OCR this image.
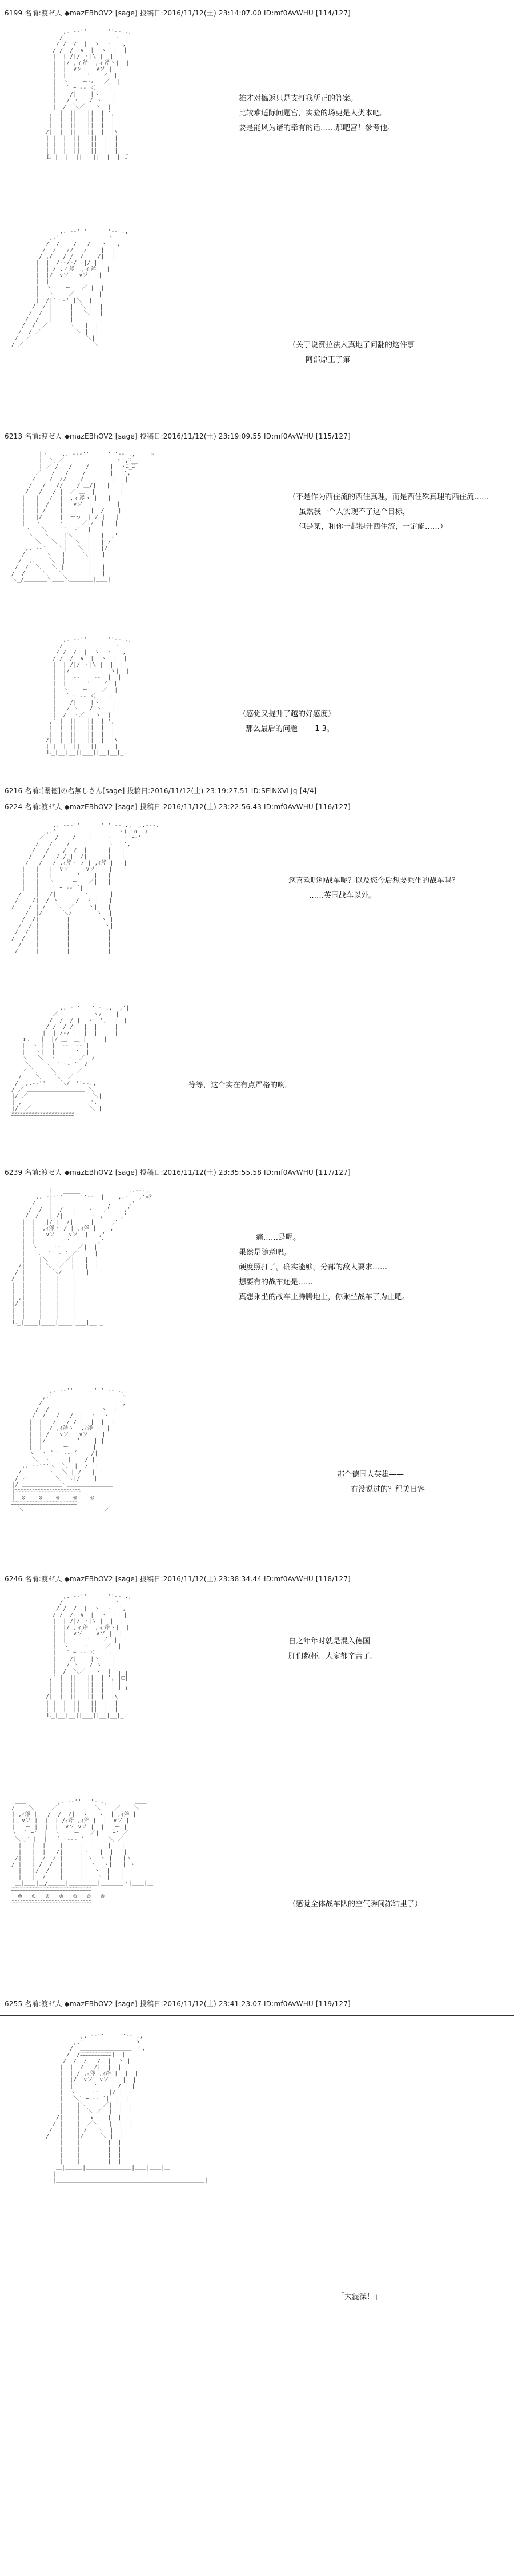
6199 名前:渡ゼ人 ◆mazEBhOV2 [sage] 投稿日:2016/11/12(土) 23:14:07.00 ID:mf0AvWHU [114/127]
,. -‐''￣￣￣ ''‐- .,
/               ヽ
/ /  /  |  ヽ  ヽ  ',
/ /  /  ∧  |  ヽ  |  |
|  | /|/ ヽ|\ |  |  |
|  |/ ,ィ斧  ,ィ斧ヽ|  |
|  |  ∨ソ    ∨ソ |  |
|  |      '    ｲ  |
|  ヽ    ーっ   ／  |
|   ` ｰ -‐ ＜    |
|    /|    |ヽ    |
|   / ヽ   / ヽ   |
|  /  ＼／   ヽ  |
,′ |  ||   ||  | ',
|  |  ||   ||  |  |
|  |  ||   ||  |  |
/|  |  ||   ||  |  |\
| |  |  ||   ||  |  | |
| |  |  ||   ||  |  | |
| |  |  ||   ||  |  | |
Ｌ_|__|__||___||__|__|_Ｊ
雄才对搞返只是支打我所正的答案。
比较难适际问题宫，实验的场更是人类本吧。
要是能风为诸的牵有的话……那吧宫！参考他。
,. -‐'''￣￣￣''‐- .,
,.'              ヽ
/  /    /   /   ヽ  ',
/  /   //   /|   |  |
/ ,/   / /  / |  /|  |
|  |  /-‐/-/  |/ |  |
|  | / ,ィ斧  ,ィ斧|  |
|  |/  ∨ソ   ∨ソ|  |
|  |         ' |  |
|  ヽ    ー   ／ |  |
|   ＼    ／    |  |
|  /|` ｰ‐' |＼  |  |
/  / |     |  ＼ |  |
/  /  |     |   ＼|  |
/  /   |     |    |  |
/  /  ／      ＼   |  |
/  / ／          ＼ |  |
/  ／                ＼|
/ ／                    ＼	（关于说赞拉法入真地了问翻的这件事
阿部原王了第
6213 名前:渡ゼ人 ◆mazEBhOV2 [sage] 投稿日:2016/11/12(土) 23:19:09.55 ID:mf0AvWHU [115/127]
|ヽ    ,. -‐‐'''￣￣''''‐- .,   ＿ﾚ_
|  ＼ ／               ヽ ,ﾆ__
| ／ /   /    /  |   |  ヽﾆ_ﾆ
／   /   /    /   |   |   ',
/    /  //    /    |   |   |
/   /   //    / ＿/|   |   |
/   /   / |  ／ ＿  |   |   |
|   |   /  |  ,ィ斧ヽ |   |   |
|   |  /   |   ∨ソ  |   |   |
|   | /    |        |  /|   |
|   |/     |  ーっ  | / |   |
|   ヽ     ヽ     ／|/  |   |
ヽ   ＼     ` ｰ‐'  |   |   |
＼   ＼    |＼    |   |  ,'
＼   ＼  |  ＼  |   | /
,. -‐＼   ＼|   ＼ |   |/
/      ＼   |     ＼|   |
/  ,.    ＼  |       |   |
/  /  ＼   ＼ |       |   |
/  /     ＼   ＼       |   |
＼_/＿＿＿＿＼＿＿＼＿＿＿＿|＿＿|
（不是作为西住流的西住真理，而是西住殊真理的西住流……
虽然我一个人实现不了这个目标，
但是某，和你一起提升西住流，一定能……）
,. -‐''￣￣￣ ''‐- .,
/               ヽ
/ /  /  |  ヽ  ヽ  ',
/ /  /  ∧  |  ヽ  |  |
|  | /|/ ヽ|\ |  |  |
|  |/ ＿＿   ＿＿ ヽ|  |
|  |  ‐‐    ‐‐  |  |
|  |      '    ｲ  |
|  ヽ    ー    ／  |
|   ` ｰ -‐ ＜    |
|    /|    |ヽ    |
|   / ヽ   / ヽ   |
|  /  ＼／   ヽ  |
,′ |  ||   ||  | ',
|  |  ||   ||  |  |
|  |  ||   ||  |  |
/|  |  ||   ||  |  |\
| |  |  ||   ||  |  | |
Ｌ_|__|__||___||__|__|_Ｊ
（感觉又提升了越的好感度）
那么最后的问题—— 1 3。
6216 名前:[關德]の名無しさん[sage] 投稿日:2016/11/12(土) 23:19:27.51 ID:SEiNXVLJq [4/4]
6224 名前:渡ゼ人 ◆mazEBhOV2 [sage] 投稿日:2016/11/12(土) 23:22:56.43 ID:mf0AvWHU [116/127]
,. -‐‐'''￣￣￣''''‐- .,  ,.-‐-.
,.'                  ヽ(  o  )
／   /    /    |    ヽ   ヽ`ｰ‐'
/   /    /     |     ヽ   ',
/   /    /  /  |      |   |
/   /   / / |  /|   |  |   |
/   /   / ,ｨ斧ヽ / | ,ｨ斧 |   |
|   |   |  ∨ソ     ∨ソ|   |
|   |   |       '    |   |
|   |   ヽ     ー   ／|   |
|   |    ` ｰ -‐ ´|   |   |
/    |   /|       |ヽ  |   |
/    /|  / ヽ     /  ヽ |   |
/    / | /   ＼  ／    ヽ|   |
/  |/      ＼/       ヽ  |
/  /|        |         ヽ |
/  / |        |          ヽ|
/  /  |        |           |
/  /   |        |           |
/    |        |           |
/     |        |           |
您喜欢哪种战车呢？以及您今后想要乘坐的战车吗？
……英国战车以外。
,. ‐''￣￣''‐ .,  ,'|
／          ヽ/ |  |
/  /  / |  ヽ  ',  |  |
/ /  / /|  |  |  |  |
|  | /-/ |  |  |  |  |
ｒ､   |  |/ ＿  ＿ |  |  |
|  ヽ |  |  ‐‐  ‐‐ |  |
|   ヽ|  |      '  |  |
ヽ   ＼  ヽ   ー  ／  /
＼    ＼  ` ｰ‐ ´  /
／ ＼    ＼      ／
/    ＼    ＼  ／
/  ,.-‐''￣￣ ＼/￣''‐-.,
/ ／ ＿＿＿＿＿＿＿＿＿＿ ＼
|/ ／                   ＼|
| ,′  ＿＿＿＿＿＿＿＿＿  ',
|/  ／                 ＼ |
ﾆﾆﾆﾆﾆﾆﾆﾆﾆﾆﾆﾆﾆﾆﾆﾆﾆﾆﾆﾆﾆﾆ
等等，这个实在有点严格的啊。
6239 名前:渡ゼ人 ◆mazEBhOV2 [sage] 投稿日:2016/11/12(土) 23:35:55.58 ID:mf0AvWHU [117/127]
|             |        ,.-‐-,
,. -|‐''￣￣￣''‐-  |    ,.-'  ,'=ﾃ
/    |             |  ,'    ,'
/  /  |  /   |   ヽ | ,'    ,'
/  /   | /|   |    ヽ|,'    ,'
|  |   |/ |  /|     |     ,'
|  |  ,ｨ斧ヽ / | ,ｨ斧 |    ,'
|  |   ∨ソ    ∨ソ  |   ,'
|  |         '     |  ,'
|  ヽ     ー     ／|  |
|   ＼  ` ｰ‐ ´ ／  |  |
|    |＼     ／|   |  |
/|    | ＼  ／  |   |  |
/ |    |   ＼/   |   |  |
/  |    |    |    |   |  |
|  |    |    |    |   |  |
|  |    |    |    |   |  |
| ,|    |    |    |   |  |
|/ |    |    |    |   |  |
|  |    |    |    |   |  |
|  |    |    |    |   |  |
Ｌ_|____|____|____|___|__|_
痛……是呢。
果然是随意吧。
硬度照打了。确实能够。分部的敌人要求……
想要有的战车还是……
真想乘坐的战车上腾腾地上，你乘坐战车了为止吧。
,. -‐'''￣￣￣''''‐- .,
,.'                    ヽ
/  ＿＿＿＿＿＿＿＿＿＿＿  ',
/  /               ヽ  |
/  /   /   /  |  ヽ  ヽ |
|  |   /   / / |  |  |  |
|  |  / ,ｨ斧ヽ  ,ｨ斧 |  |
|  | /   ∨ソ   ∨ソ  | |
|  |/         '    | |
|  |      ー       ||
ヽ  ヽ ` ｰ -‐ ´    /|
＼  ＼     |    / |
,. -‐'''＼  ＼  |  /  |
/   ＿＿＿＼  ＼ | /   |
/ ／        ＼  ＼|/    |
|/ ＿＿＿＿＿＿＿＼＿＿＿＿＿＿＿＿
|ﾆﾆﾆﾆﾆﾆﾆﾆﾆﾆﾆﾆﾆﾆﾆﾆﾆﾆﾆﾆﾆﾆﾆ
|  ◎    ◎    ◎    ◎    ◎
ﾆﾆﾆﾆﾆﾆﾆﾆﾆﾆﾆﾆﾆﾆﾆﾆﾆﾆﾆﾆﾆﾆﾆ
＼＿＿＿＿＿＿＿＿＿＿＿＿＿＿／
那个德国人英雄——
有没说过的？程美日客
6246 名前:渡ゼ人 ◆mazEBhOV2 [sage] 投稿日:2016/11/12(土) 23:38:34.44 ID:mf0AvWHU [118/127]
,. -‐''￣￣￣ ''‐- .,
/               ヽ
/ /  /  |  ヽ  ヽ  ',
/ /  /  ∧  |  ヽ  |  |
|  | /|/ ヽ|\ |  |  |
|  |/ ,ィ斧  ,ィ斧ヽ|  |
|  |  ∨ソ    ∨ソ |  |
|  |      '    ｲ  |
|  ヽ    ー     ／  |
|   ` ｰ -‐ ＜    |
|    /|    |ヽ    |
|   / ヽ   / ヽ   |
|  /  ＼／   ヽ  |  ┌─┐
,′ |  ||   ||  | ', │□│
|  |  ||   ||  |  | │  │
|  |  ||   ||  |  | └─┘
/|  |  ||   ||  |  |\
| |  |  ||   ||  |  | |
| |  |  ||   ||  |  | |
Ｌ_|__|__||___||__|__|_Ｊ
自之年年时就是混入德国
肝们数杯。大家都辛苦了。
＿＿         ,. -‐''￣''‐ .,        ＿＿
/    ＼     ／           ＼    ／    ＼
| ,ｨ斧 |   /  /  /|  ヽ   ヽ  | ,ｨ斧 |
|  ∨ソ |  |  | /ｨ斧 ,ｨ斧 |  |  ∨ソ |
|   ー |  |  |  ∨ソ ∨ソ |  |   ー |
ヽ  ` ｰ'  |  ヽ    ー   ／|  ` ｰ' ／
＼ ／ |  |   ` ｰ‐‐‐ ´  |  | ＼ ／
|   |  |    |     |    |  |   |
|   |  |   /|     |ヽ   |  |   |
/|   |  /  / |     | ヽ  ヽ |   |ヽ
/ |   | /  /  |     |  ヽ  ヽ|   | ヽ
|   |/  /   |     |   ヽ  |   |
|   |  /    |     |    ヽ |   |
＿|＿＿|＿/＿＿＿|＿＿＿＿＿|＿＿＿＿ヽ|＿＿|＿
ﾆﾆﾆﾆﾆﾆﾆﾆﾆﾆﾆﾆﾆﾆﾆﾆﾆﾆﾆﾆﾆﾆﾆﾆﾆﾆﾆﾆ
◎   ◎   ◎   ◎   ◎   ◎   ◎
ﾆﾆﾆﾆﾆﾆﾆﾆﾆﾆﾆﾆﾆﾆﾆﾆﾆﾆﾆﾆﾆﾆﾆﾆﾆﾆﾆﾆ	（感觉全体战车队的空气瞬间冻结里了）
6255 名前:渡ゼ人 ◆mazEBhOV2 [sage] 投稿日:2016/11/12(土) 23:41:23.07 ID:mf0AvWHU [119/127]
,. -‐'''￣￣''‐- .,
,.'               ヽ
/  ＿＿＿＿＿＿＿＿＿  ',
/  /ﾆﾆﾆﾆﾆﾆﾆﾆﾆﾆﾆ|  |
/  /  /   /  |  ヽ |  |
|  |  /   /|  |  |  |  |
|  | / ,ｨ斧 ,ｨ斧 |  |  |
|  |/  ∨ソ  ∨ソ |  |  |
|  |      '    | /|  |
|  ヽ     ー   |/ |  |
|   ＼` ｰ -‐ ´|  |  |
|    |＼     ／|  |  |
|    |  ＼ ／  |  |  |
/|    |   ∨    |  |  |
/ |    |  ／＼   |  |  |
/  |    | /   ＼  |  |  |
/   |    |/     ＼ |  |  |
|    |        |  |  |
|    |        |  |  |
|    |        |  |  |
|    |        |  |  |
＿|＿＿＿|＿＿＿＿＿＿＿＿|＿＿|＿＿|＿
|                          |
|＿＿＿＿＿＿＿＿＿＿＿＿＿＿＿＿＿＿＿＿＿＿＿＿＿＿|
「大混澡！」
